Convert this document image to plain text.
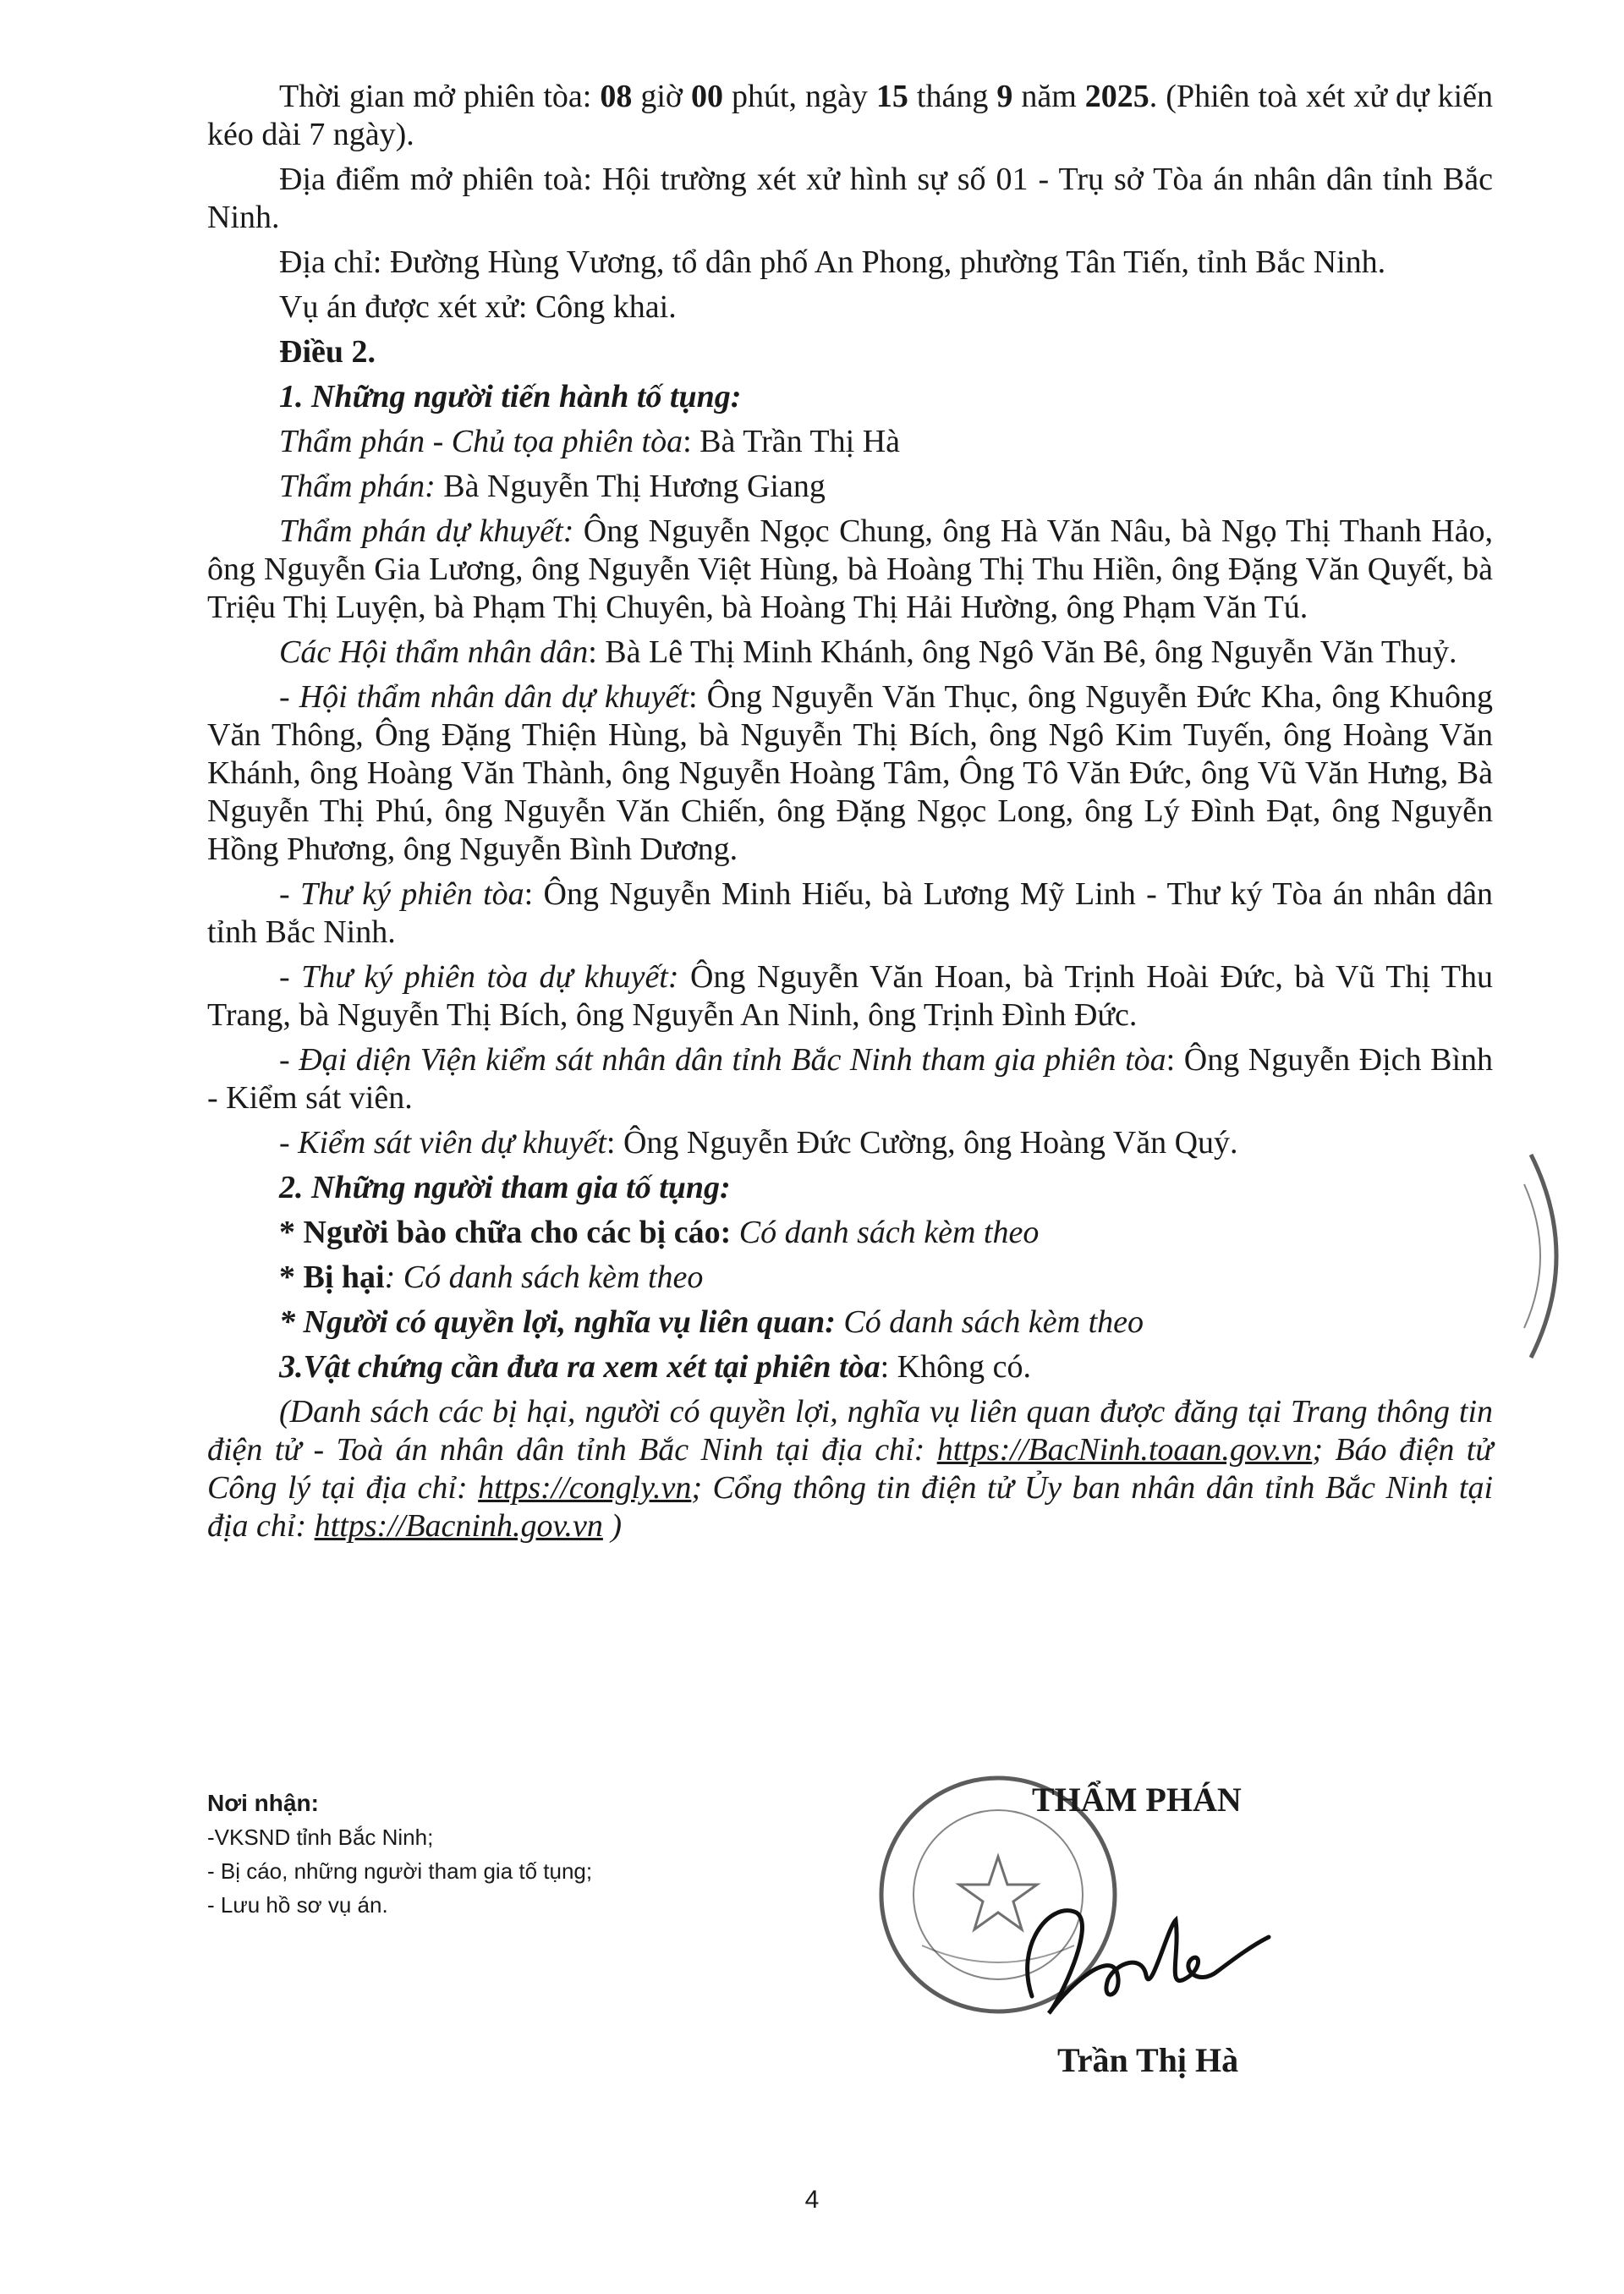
Thời gian mở phiên tòa: 08 giờ 00 phút, ngày 15 tháng 9 năm 2025. (Phiên toà xét xử dự kiến kéo dài 7 ngày).

Địa điểm mở phiên toà: Hội trường xét xử hình sự số 01 - Trụ sở Tòa án nhân dân tỉnh Bắc Ninh.

Địa chỉ: Đường Hùng Vương, tổ dân phố An Phong, phường Tân Tiến, tỉnh Bắc Ninh.

Vụ án được xét xử: Công khai.

Điều 2.

1. Những người tiến hành tố tụng:

Thẩm phán - Chủ tọa phiên tòa: Bà Trần Thị Hà

Thẩm phán: Bà Nguyễn Thị Hương Giang

Thẩm phán dự khuyết: Ông Nguyễn Ngọc Chung, ông Hà Văn Nâu, bà Ngọ Thị Thanh Hảo, ông Nguyễn Gia Lương, ông Nguyễn Việt Hùng, bà Hoàng Thị Thu Hiền, ông Đặng Văn Quyết, bà Triệu Thị Luyện, bà Phạm Thị Chuyên, bà Hoàng Thị Hải Hường, ông Phạm Văn Tú.

Các Hội thẩm nhân dân: Bà Lê Thị Minh Khánh, ông Ngô Văn Bê, ông Nguyễn Văn Thuỷ.

- Hội thẩm nhân dân dự khuyết: Ông Nguyễn Văn Thục, ông Nguyễn Đức Kha, ông Khuông Văn Thông, Ông Đặng Thiện Hùng, bà Nguyễn Thị Bích, ông Ngô Kim Tuyến, ông Hoàng Văn Khánh, ông Hoàng Văn Thành, ông Nguyễn Hoàng Tâm, Ông Tô Văn Đức, ông Vũ Văn Hưng, Bà Nguyễn Thị Phú, ông Nguyễn Văn Chiến, ông Đặng Ngọc Long, ông Lý Đình Đạt, ông Nguyễn Hồng Phương, ông Nguyễn Bình Dương.

- Thư ký phiên tòa: Ông Nguyễn Minh Hiếu, bà Lương Mỹ Linh - Thư ký Tòa án nhân dân tỉnh Bắc Ninh.

- Thư ký phiên tòa dự khuyết: Ông Nguyễn Văn Hoan, bà Trịnh Hoài Đức, bà Vũ Thị Thu Trang, bà Nguyễn Thị Bích, ông Nguyễn An Ninh, ông Trịnh Đình Đức.

- Đại diện Viện kiểm sát nhân dân tỉnh Bắc Ninh tham gia phiên tòa: Ông Nguyễn Địch Bình - Kiểm sát viên.

- Kiểm sát viên dự khuyết: Ông Nguyễn Đức Cường, ông Hoàng Văn Quý.

2. Những người tham gia tố tụng:

* Người bào chữa cho các bị cáo: Có danh sách kèm theo

* Bị hại: Có danh sách kèm theo

* Người có quyền lợi, nghĩa vụ liên quan: Có danh sách kèm theo

3.Vật chứng cần đưa ra xem xét tại phiên tòa: Không có.

(Danh sách các bị hại, người có quyền lợi, nghĩa vụ liên quan được đăng tại Trang thông tin điện tử - Toà án nhân dân tỉnh Bắc Ninh tại địa chỉ: https://BacNinh.toaan.gov.vn; Báo điện tử Công lý tại địa chỉ: https://congly.vn; Cổng thông tin điện tử Ủy ban nhân dân tỉnh Bắc Ninh tại địa chỉ: https://Bacninh.gov.vn )

Nơi nhận:
-VKSND tỉnh Bắc Ninh;
- Bị cáo, những người tham gia tố tụng;
- Lưu hồ sơ vụ án.
THẨM PHÁN
Trần Thị Hà
4
